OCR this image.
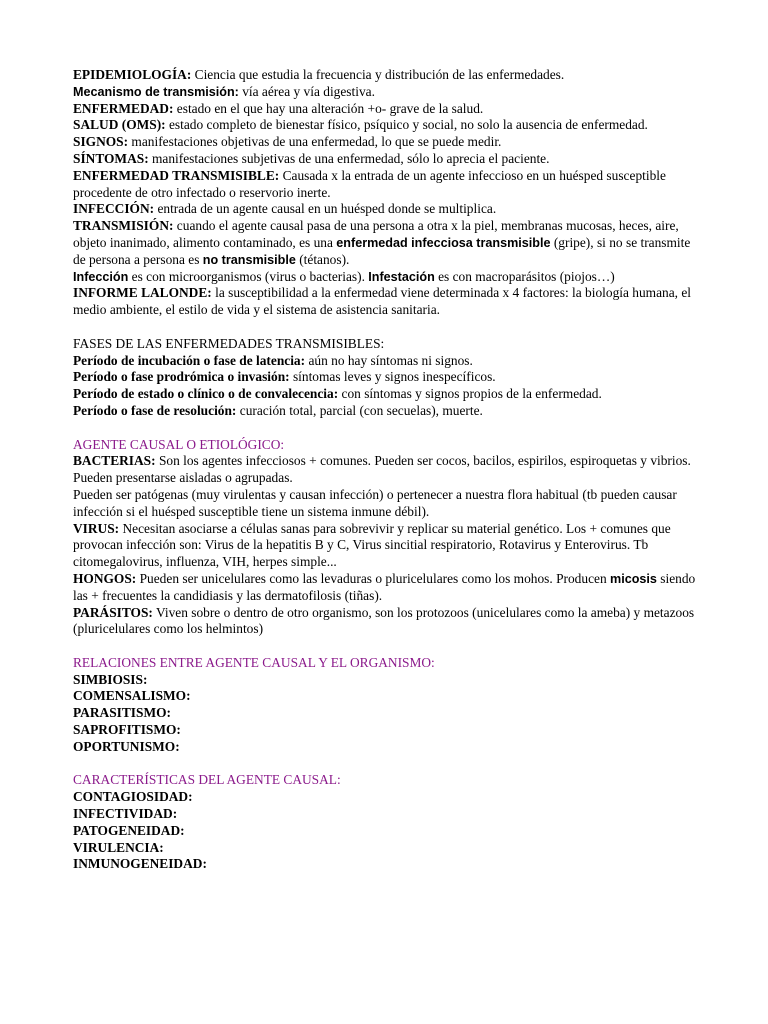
EPIDEMIOLOGÍA: Ciencia que estudia la frecuencia y distribución de las enfermedades.

Mecanismo de transmisión: vía aérea y vía digestiva.

ENFERMEDAD: estado en el que hay una alteración +o- grave de la salud.

SALUD (OMS): estado completo de bienestar físico, psíquico y social, no solo la ausencia de enfermedad.

SIGNOS: manifestaciones objetivas de una enfermedad, lo que se puede medir.

SÍNTOMAS: manifestaciones subjetivas de una enfermedad, sólo lo aprecia el paciente.

ENFERMEDAD TRANSMISIBLE: Causada x la entrada de un agente infeccioso en un huésped susceptible procedente de otro infectado o reservorio inerte.

INFECCIÓN: entrada de un agente causal en un huésped donde se multiplica.

TRANSMISIÓN: cuando el agente causal pasa de una persona a otra x la piel, membranas mucosas, heces, aire, objeto inanimado, alimento contaminado, es una enfermedad infecciosa transmisible (gripe), si no se transmite de persona a persona es no transmisible (tétanos).

Infección es con microorganismos (virus o bacterias). Infestación es con macroparásitos (piojos…)

INFORME LALONDE: la susceptibilidad a la enfermedad viene determinada x 4 factores: la biología humana, el medio ambiente, el estilo de vida y el sistema de asistencia sanitaria.

FASES DE LAS ENFERMEDADES TRANSMISIBLES:

Período de incubación o fase de latencia: aún no hay síntomas ni signos.

Período o fase prodrómica o invasión: síntomas leves y signos inespecíficos.

Período de estado o clínico o de convalecencia: con síntomas y signos propios de la enfermedad.

Período o fase de resolución: curación total, parcial (con secuelas), muerte.

AGENTE CAUSAL O ETIOLÓGICO:

BACTERIAS: Son los agentes infecciosos + comunes. Pueden ser cocos, bacilos, espirilos, espiroquetas y vibrios. Pueden presentarse aisladas o agrupadas.

Pueden ser patógenas (muy virulentas y causan infección) o pertenecer a nuestra flora habitual (tb pueden causar infección si el huésped susceptible tiene un sistema inmune débil).

VIRUS: Necesitan asociarse a células sanas para sobrevivir y replicar su material genético. Los + comunes que provocan infección son: Virus de la hepatitis B y C, Virus sincitial respiratorio, Rotavirus y Enterovirus. Tb citomegalovirus, influenza, VIH, herpes simple...

HONGOS: Pueden ser unicelulares como las levaduras o pluricelulares como los mohos. Producen micosis siendo las + frecuentes la candidiasis y las dermatofilosis (tiñas).

PARÁSITOS: Viven sobre o dentro de otro organismo, son los protozoos (unicelulares como la ameba) y metazoos (pluricelulares como los helmintos)

RELACIONES ENTRE AGENTE CAUSAL Y EL ORGANISMO:

SIMBIOSIS:

COMENSALISMO:

PARASITISMO:

SAPROFITISMO:

OPORTUNISMO:

CARACTERÍSTICAS DEL AGENTE CAUSAL:

CONTAGIOSIDAD:

INFECTIVIDAD:

PATOGENEIDAD:

VIRULENCIA:

INMUNOGENEIDAD:
